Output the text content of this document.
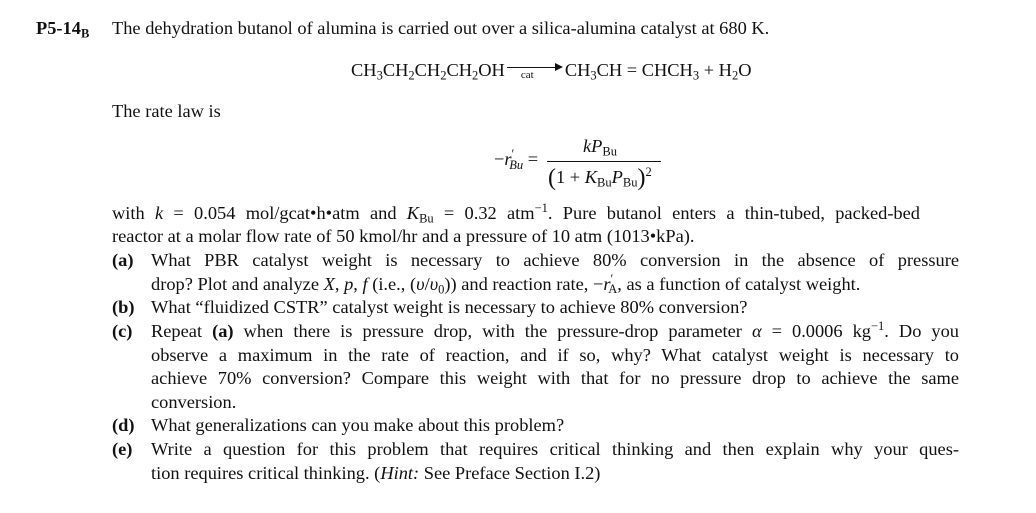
$P5-14_B$ The dehydration butanol of alumina is carried out over a silica-alumina catalyst at 680 K.
$CH_3CH_2CH_2CH_2OH$ cat $CH_3CH$ = $CHCH_3 + H_2O$
The rate law is
$-r'_{Bu}$ =
$kP_{Bu}$
$(1 + K_{Bu}P_{Bu})^2$
with k = 0.054 mol/gcat•h•atm and $K_{Bu} = 0.32$ atm$^{-1}$. Pure butanol enters a thin-tubed, packed-bed
reactor at a molar flow rate of 50 kmol/hr and a pressure of 10 atm (1013•kPa).
(a) What PBR catalyst weight is necessary to achieve 80% conversion in the absence of pressure
drop? Plot and analyze X, p, f (i.e., $(\upsilon/\upsilon_0)$) and reaction rate, $-r'_A$, as a function of catalyst weight.
(b) What “fluidized CSTR” catalyst weight is necessary to achieve 80% conversion?
(c) Repeat (a) when there is pressure drop, with the pressure-drop parameter α = 0.0006 $kg^{-1}$. Do you
observe a maximum in the rate of reaction, and if so, why? What catalyst weight is necessary to
achieve 70% conversion? Compare this weight with that for no pressure drop to achieve the same
conversion.
(d) What generalizations can you make about this problem?
(e) Write a question for this problem that requires critical thinking and then explain why your ques-
tion requires critical thinking. (Hint: See Preface Section I.2)
